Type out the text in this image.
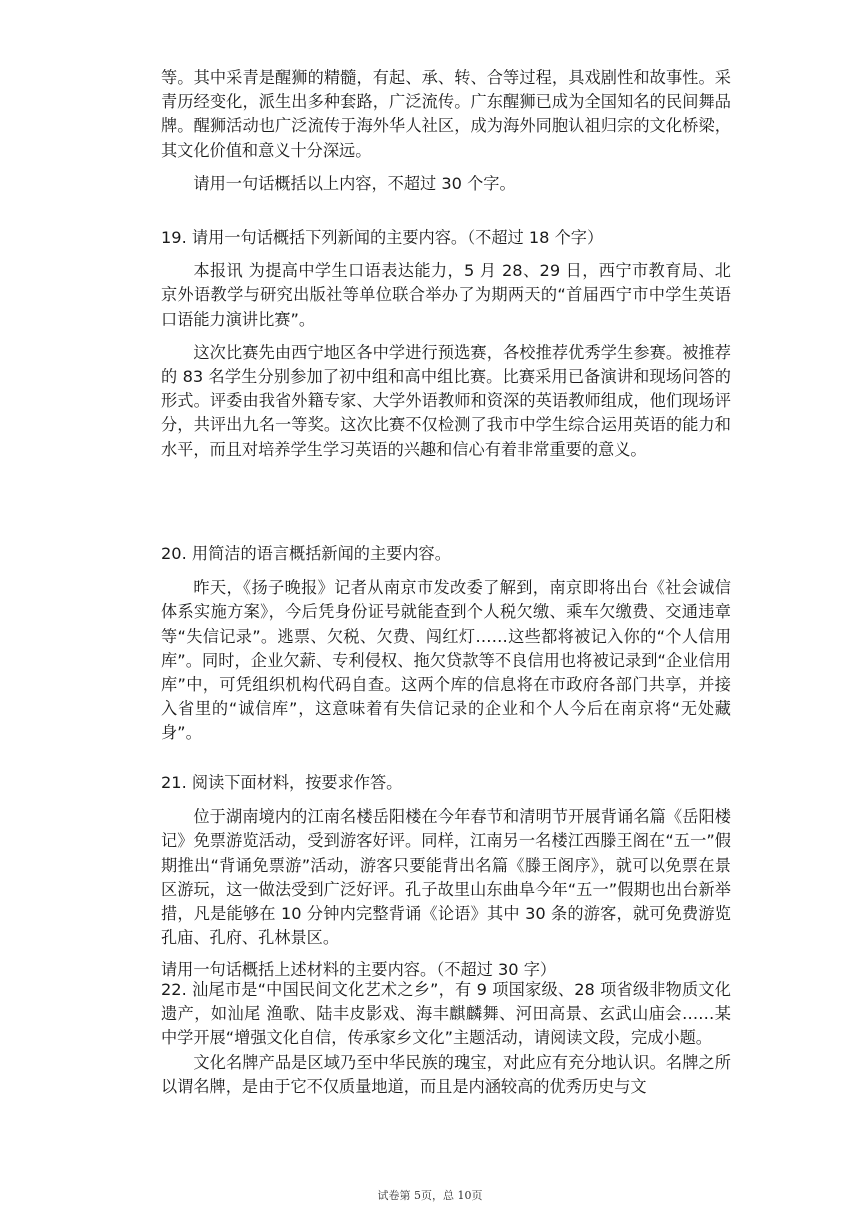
等。其中采青是醒狮的精髓，有起、承、转、合等过程，具戏剧性和故事性。采青历经变化，派生出多种套路，广泛流传。广东醒狮已成为全国知名的民间舞品牌。醒狮活动也广泛流传于海外华人社区，成为海外同胞认祖归宗的文化桥梁，其文化价值和意义十分深远。

请用一句话概括以上内容，不超过 30 个字。

19. 请用一句话概括下列新闻的主要内容。（不超过 18 个字）

本报讯 为提高中学生口语表达能力，5 月 28、29 日，西宁市教育局、北京外语教学与研究出版社等单位联合举办了为期两天的“首届西宁市中学生英语口语能力演讲比赛”。

这次比赛先由西宁地区各中学进行预选赛，各校推荐优秀学生参赛。被推荐的 83 名学生分别参加了初中组和高中组比赛。比赛采用已备演讲和现场问答的形式。评委由我省外籍专家、大学外语教师和资深的英语教师组成，他们现场评分，共评出九名一等奖。这次比赛不仅检测了我市中学生综合运用英语的能力和水平，而且对培养学生学习英语的兴趣和信心有着非常重要的意义。

20. 用简洁的语言概括新闻的主要内容。

昨天，《扬子晚报》记者从南京市发改委了解到，南京即将出台《社会诚信体系实施方案》，今后凭身份证号就能查到个人税欠缴、乘车欠缴费、交通违章等“失信记录”。逃票、欠税、欠费、闯红灯……这些都将被记入你的“个人信用库”。同时，企业欠薪、专利侵权、拖欠贷款等不良信用也将被记录到“企业信用库”中，可凭组织机构代码自查。这两个库的信息将在市政府各部门共享，并接入省里的“诚信库”，这意味着有失信记录的企业和个人今后在南京将“无处藏身”。

21. 阅读下面材料，按要求作答。

位于湖南境内的江南名楼岳阳楼在今年春节和清明节开展背诵名篇《岳阳楼记》免票游览活动，受到游客好评。同样，江南另一名楼江西滕王阁在“五一”假期推出“背诵免票游”活动，游客只要能背出名篇《滕王阁序》，就可以免票在景区游玩，这一做法受到广泛好评。孔子故里山东曲阜今年“五一”假期也出台新举措，凡是能够在 10 分钟内完整背诵《论语》其中 30 条的游客，就可免费游览孔庙、孔府、孔林景区。

请用一句话概括上述材料的主要内容。（不超过 30 字）

22. 汕尾市是“中国民间文化艺术之乡”，有 9 项国家级、28 项省级非物质文化遗产，如汕尾 渔歌、陆丰皮影戏、海丰麒麟舞、河田高景、玄武山庙会……某中学开展“增强文化自信，传承家乡文化”主题活动，请阅读文段，完成小题。

文化名牌产品是区域乃至中华民族的瑰宝，对此应有充分地认识。名牌之所以谓名牌，是由于它不仅质量地道，而且是内涵较高的优秀历史与文

试卷第 5页，总 10页
